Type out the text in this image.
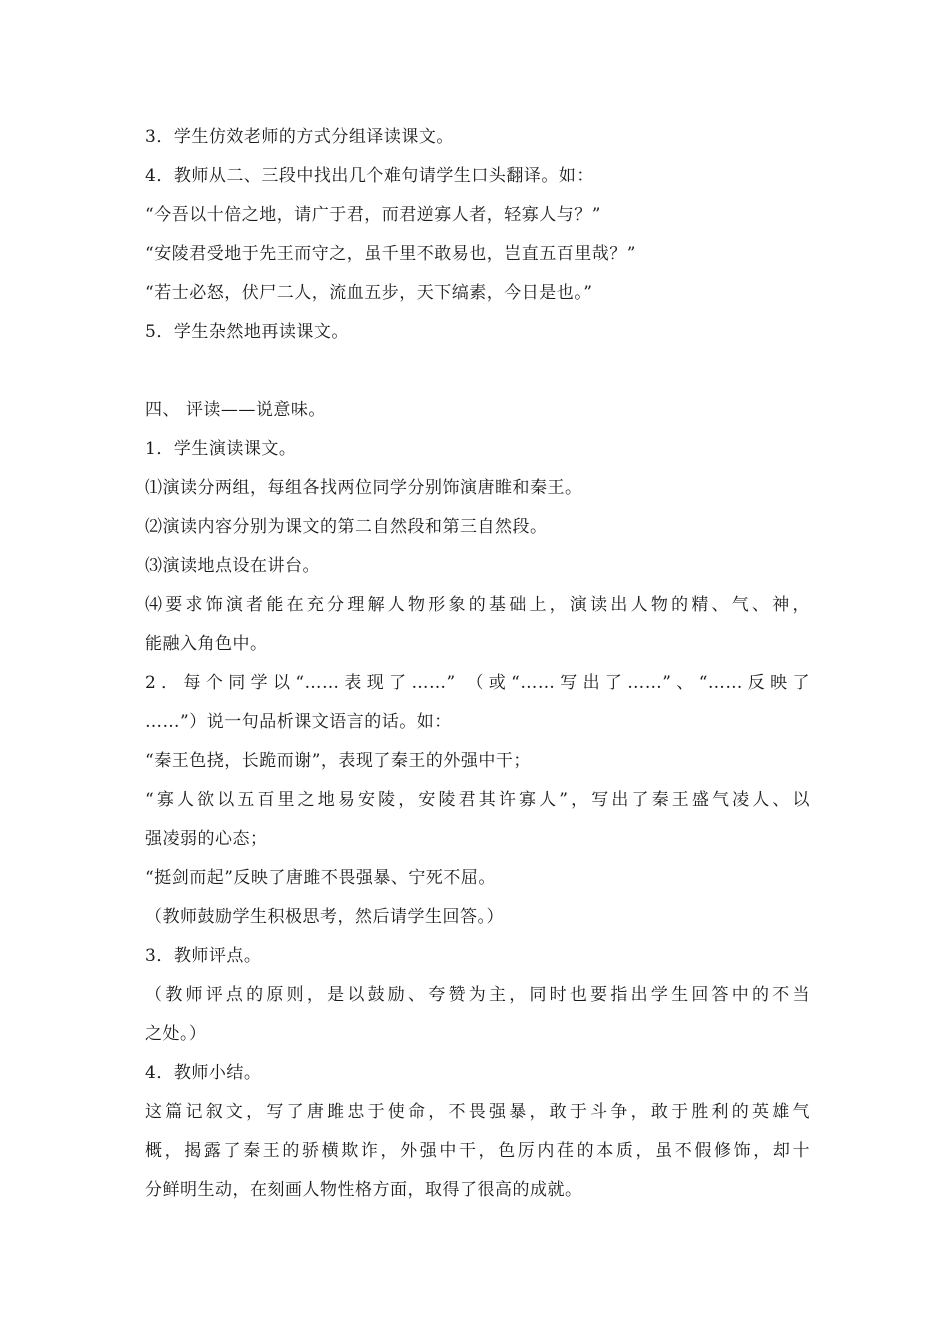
3．学生仿效老师的方式分组译读课文。
4．教师从二、三段中找出几个难句请学生口头翻译。如：
“今吾以十倍之地，请广于君，而君逆寡人者，轻寡人与？”
“安陵君受地于先王而守之，虽千里不敢易也，岂直五百里哉？”
“若士必怒，伏尸二人，流血五步，天下缟素，今日是也。”
5．学生杂然地再读课文。
四、 评读——说意味。
1．学生演读课文。
⑴演读分两组，每组各找两位同学分别饰演唐睢和秦王。
⑵演读内容分别为课文的第二自然段和第三自然段。
⑶演读地点设在讲台。
⑷要求饰演者能在充分理解人物形象的基础上，演读出人物的精、气、神，
能融入角色中。
2．每个同学以“……表现了……” （或“……写出了……”、“……反映了
……”）说一句品析课文语言的话。如：
“秦王色挠，长跪而谢”，表现了秦王的外强中干；
“寡人欲以五百里之地易安陵，安陵君其许寡人”，写出了秦王盛气凌人、以
强凌弱的心态；
“挺剑而起”反映了唐雎不畏强暴、宁死不屈。
（教师鼓励学生积极思考，然后请学生回答。）
3．教师评点。
（教师评点的原则，是以鼓励、夸赞为主，同时也要指出学生回答中的不当
之处。）
4．教师小结。
这篇记叙文，写了唐雎忠于使命，不畏强暴，敢于斗争，敢于胜利的英雄气
概，揭露了秦王的骄横欺诈，外强中干，色厉内荏的本质，虽不假修饰，却十
分鲜明生动，在刻画人物性格方面，取得了很高的成就。
